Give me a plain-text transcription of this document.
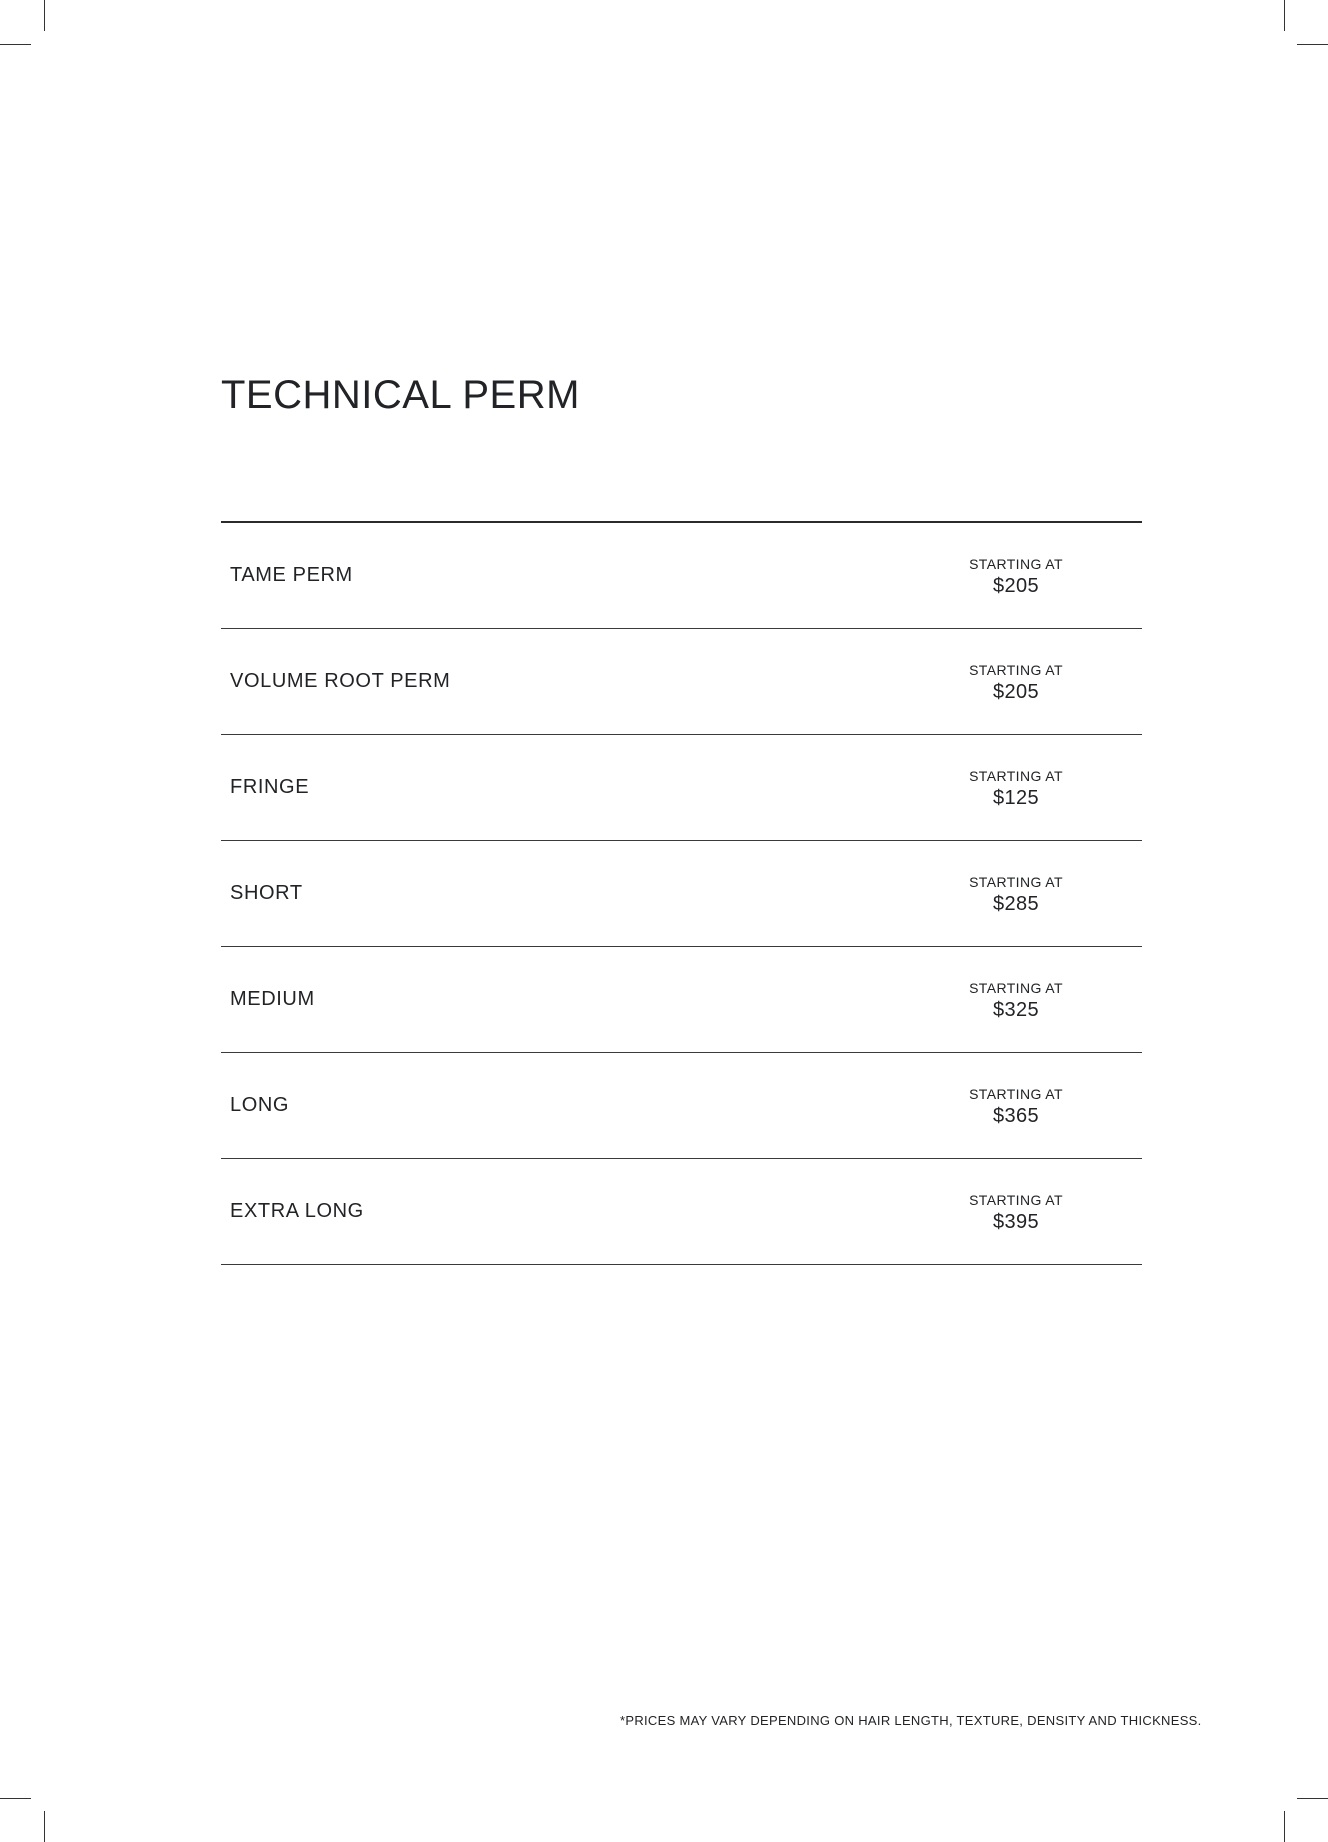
TECHNICAL PERM
TAME PERM	STARTING AT
$205
VOLUME ROOT PERM	STARTING AT
$205
FRINGE	STARTING AT
$125
SHORT	STARTING AT
$285
MEDIUM	STARTING AT
$325
LONG	STARTING AT
$365
EXTRA LONG	STARTING AT
$395
*PRICES MAY VARY DEPENDING ON HAIR LENGTH, TEXTURE, DENSITY AND THICKNESS.
